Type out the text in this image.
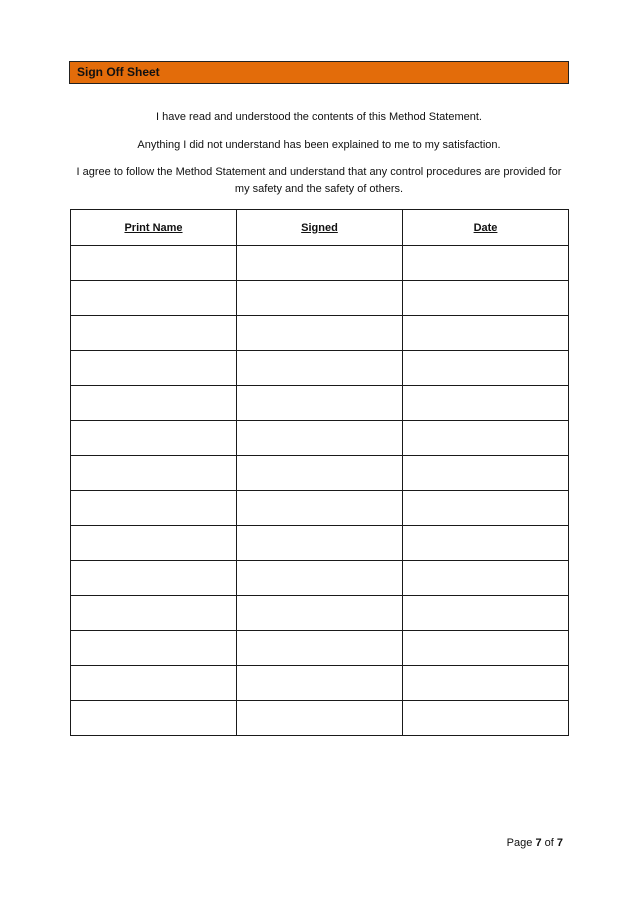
Sign Off Sheet
I have read and understood the contents of this Method Statement.
Anything I did not understand has been explained to me to my satisfaction.
I agree to follow the Method Statement and understand that any control procedures are provided for my safety and the safety of others.
Print Name	Signed	Date

Page 7 of 7
